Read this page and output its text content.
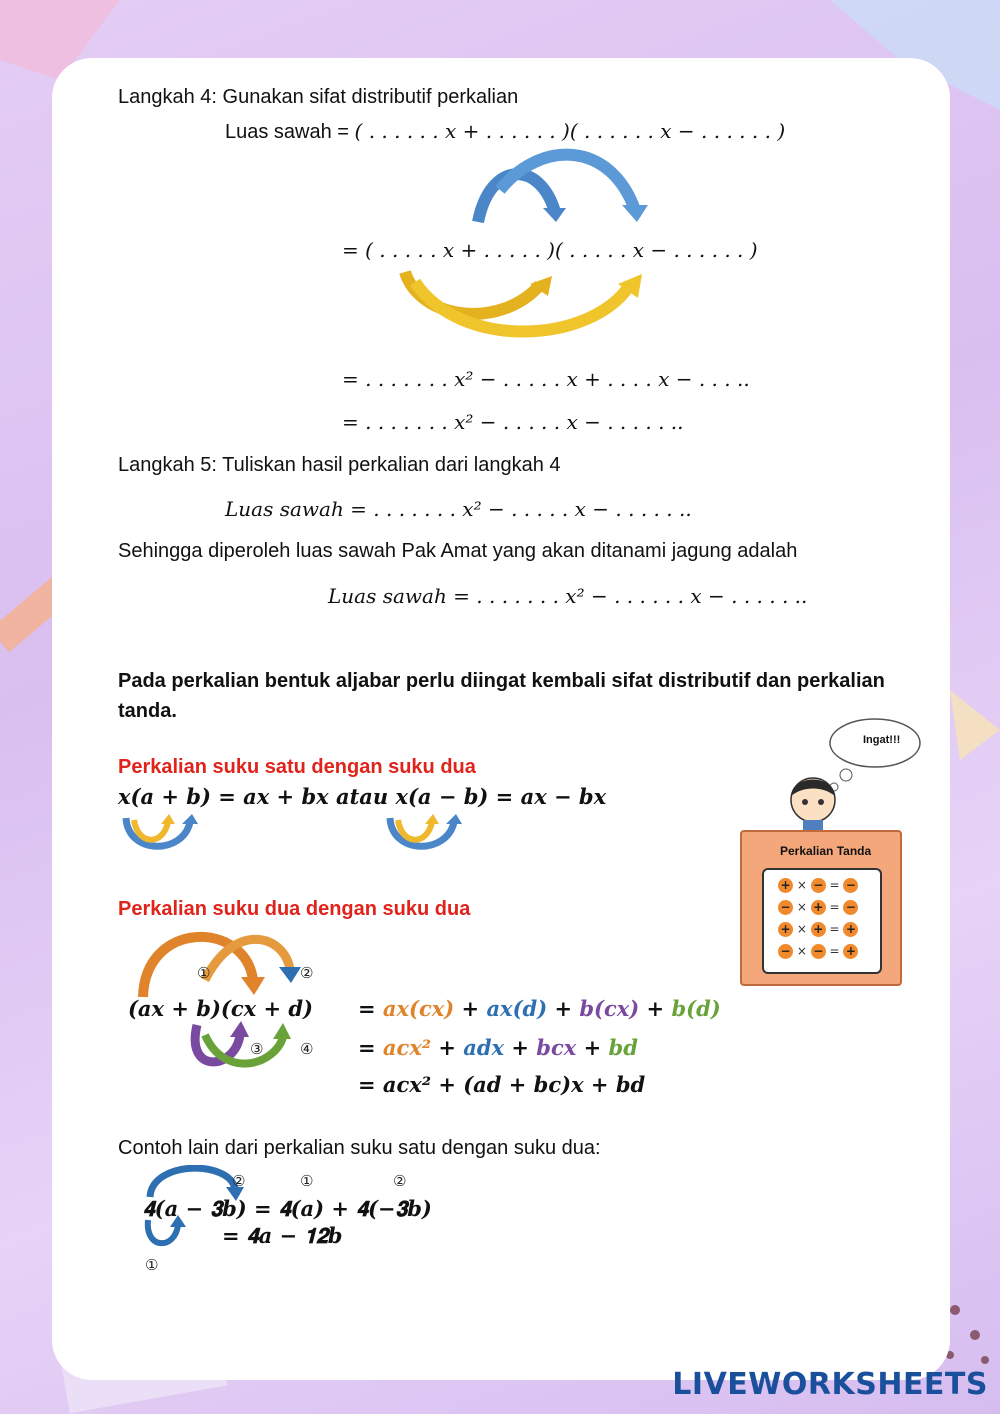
Langkah 4: Gunakan sifat distributif perkalian
Luas sawah = ( . . . . . . 𝑥 + . . . . . . )( . . . . . . 𝑥 − . . . . . . )
= ( . . . . . 𝑥 + . . . . . )( . . . . . 𝑥 − . . . . . . )
= . . . . . . . 𝑥² − . . . . . 𝑥 + . . . . 𝑥 − . . . ..
= . . . . . . . 𝑥² − . . . . . 𝑥 − . . . . . ..
Langkah 5: Tuliskan hasil perkalian dari langkah 4
Luas sawah = . . . . . . . 𝑥² − . . . . . 𝑥 − . . . . . ..
Sehingga diperoleh luas sawah Pak Amat yang akan ditanami jagung adalah
Luas sawah = . . . . . . . 𝑥² − . . . . . . 𝑥 − . . . . . ..
Pada perkalian bentuk aljabar perlu diingat kembali sifat distributif dan perkalian
tanda.
Perkalian suku satu dengan suku dua
𝒙(𝒂 + 𝒃) = 𝒂𝒙 + 𝒃𝒙 𝒂𝒕𝒂𝒖 𝒙(𝒂 − 𝒃) = 𝒂𝒙 − 𝒃𝒙
Perkalian suku dua dengan suku dua
①	②
③ ④
(𝒂𝒙 + 𝒃)(𝒄𝒙 + 𝒅) = 𝒂𝒙(𝒄𝒙) + 𝒂𝒙(𝒅) + 𝒃(𝒄𝒙) + 𝒃(𝒅)
= 𝒂𝒄𝒙² + 𝒂𝒅𝒙 + 𝒃𝒄𝒙 + 𝒃𝒅
= 𝒂𝒄𝒙² + (𝒂𝒅 + 𝒃𝒄)𝒙 + 𝒃𝒅
Contoh lain dari perkalian suku satu dengan suku dua:
②	①	②
𝟒(𝒂 − 𝟑𝒃) = 𝟒(𝒂) + 𝟒(−𝟑𝒃)
= 𝟒𝒂 − 𝟏𝟐𝒃
①
Ingat!!!
Perkalian Tanda
+ × − = −
− × + = −
+ × + = +
− × − = +
LIVEWORKSHEETS
